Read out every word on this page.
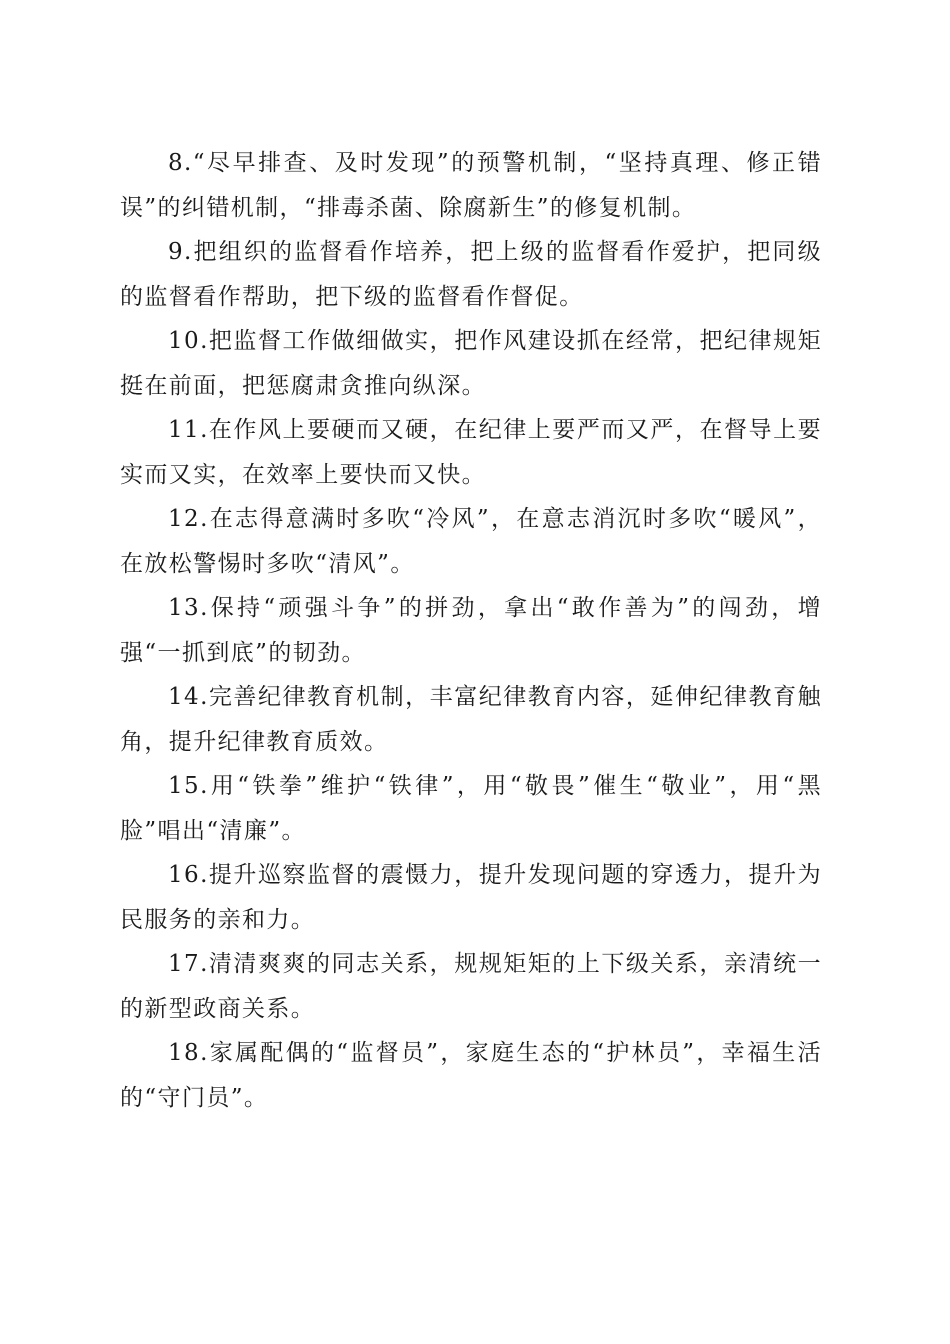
8.“尽早排查、及时发现”的预警机制，“坚持真理、修正错误”的纠错机制，“排毒杀菌、除腐新生”的修复机制。

9.把组织的监督看作培养，把上级的监督看作爱护，把同级的监督看作帮助，把下级的监督看作督促。

10.把监督工作做细做实，把作风建设抓在经常，把纪律规矩挺在前面，把惩腐肃贪推向纵深。

11.在作风上要硬而又硬，在纪律上要严而又严，在督导上要实而又实，在效率上要快而又快。

12.在志得意满时多吹“冷风”，在意志消沉时多吹“暖风”，在放松警惕时多吹“清风”。

13.保持“顽强斗争”的拼劲，拿出“敢作善为”的闯劲，增强“一抓到底”的韧劲。

14.完善纪律教育机制，丰富纪律教育内容，延伸纪律教育触角，提升纪律教育质效。

15.用“铁拳”维护“铁律”，用“敬畏”催生“敬业”，用“黑脸”唱出“清廉”。

16.提升巡察监督的震慑力，提升发现问题的穿透力，提升为民服务的亲和力。

17.清清爽爽的同志关系，规规矩矩的上下级关系，亲清统一的新型政商关系。

18.家属配偶的“监督员”，家庭生态的“护林员”，幸福生活的“守门员”。
